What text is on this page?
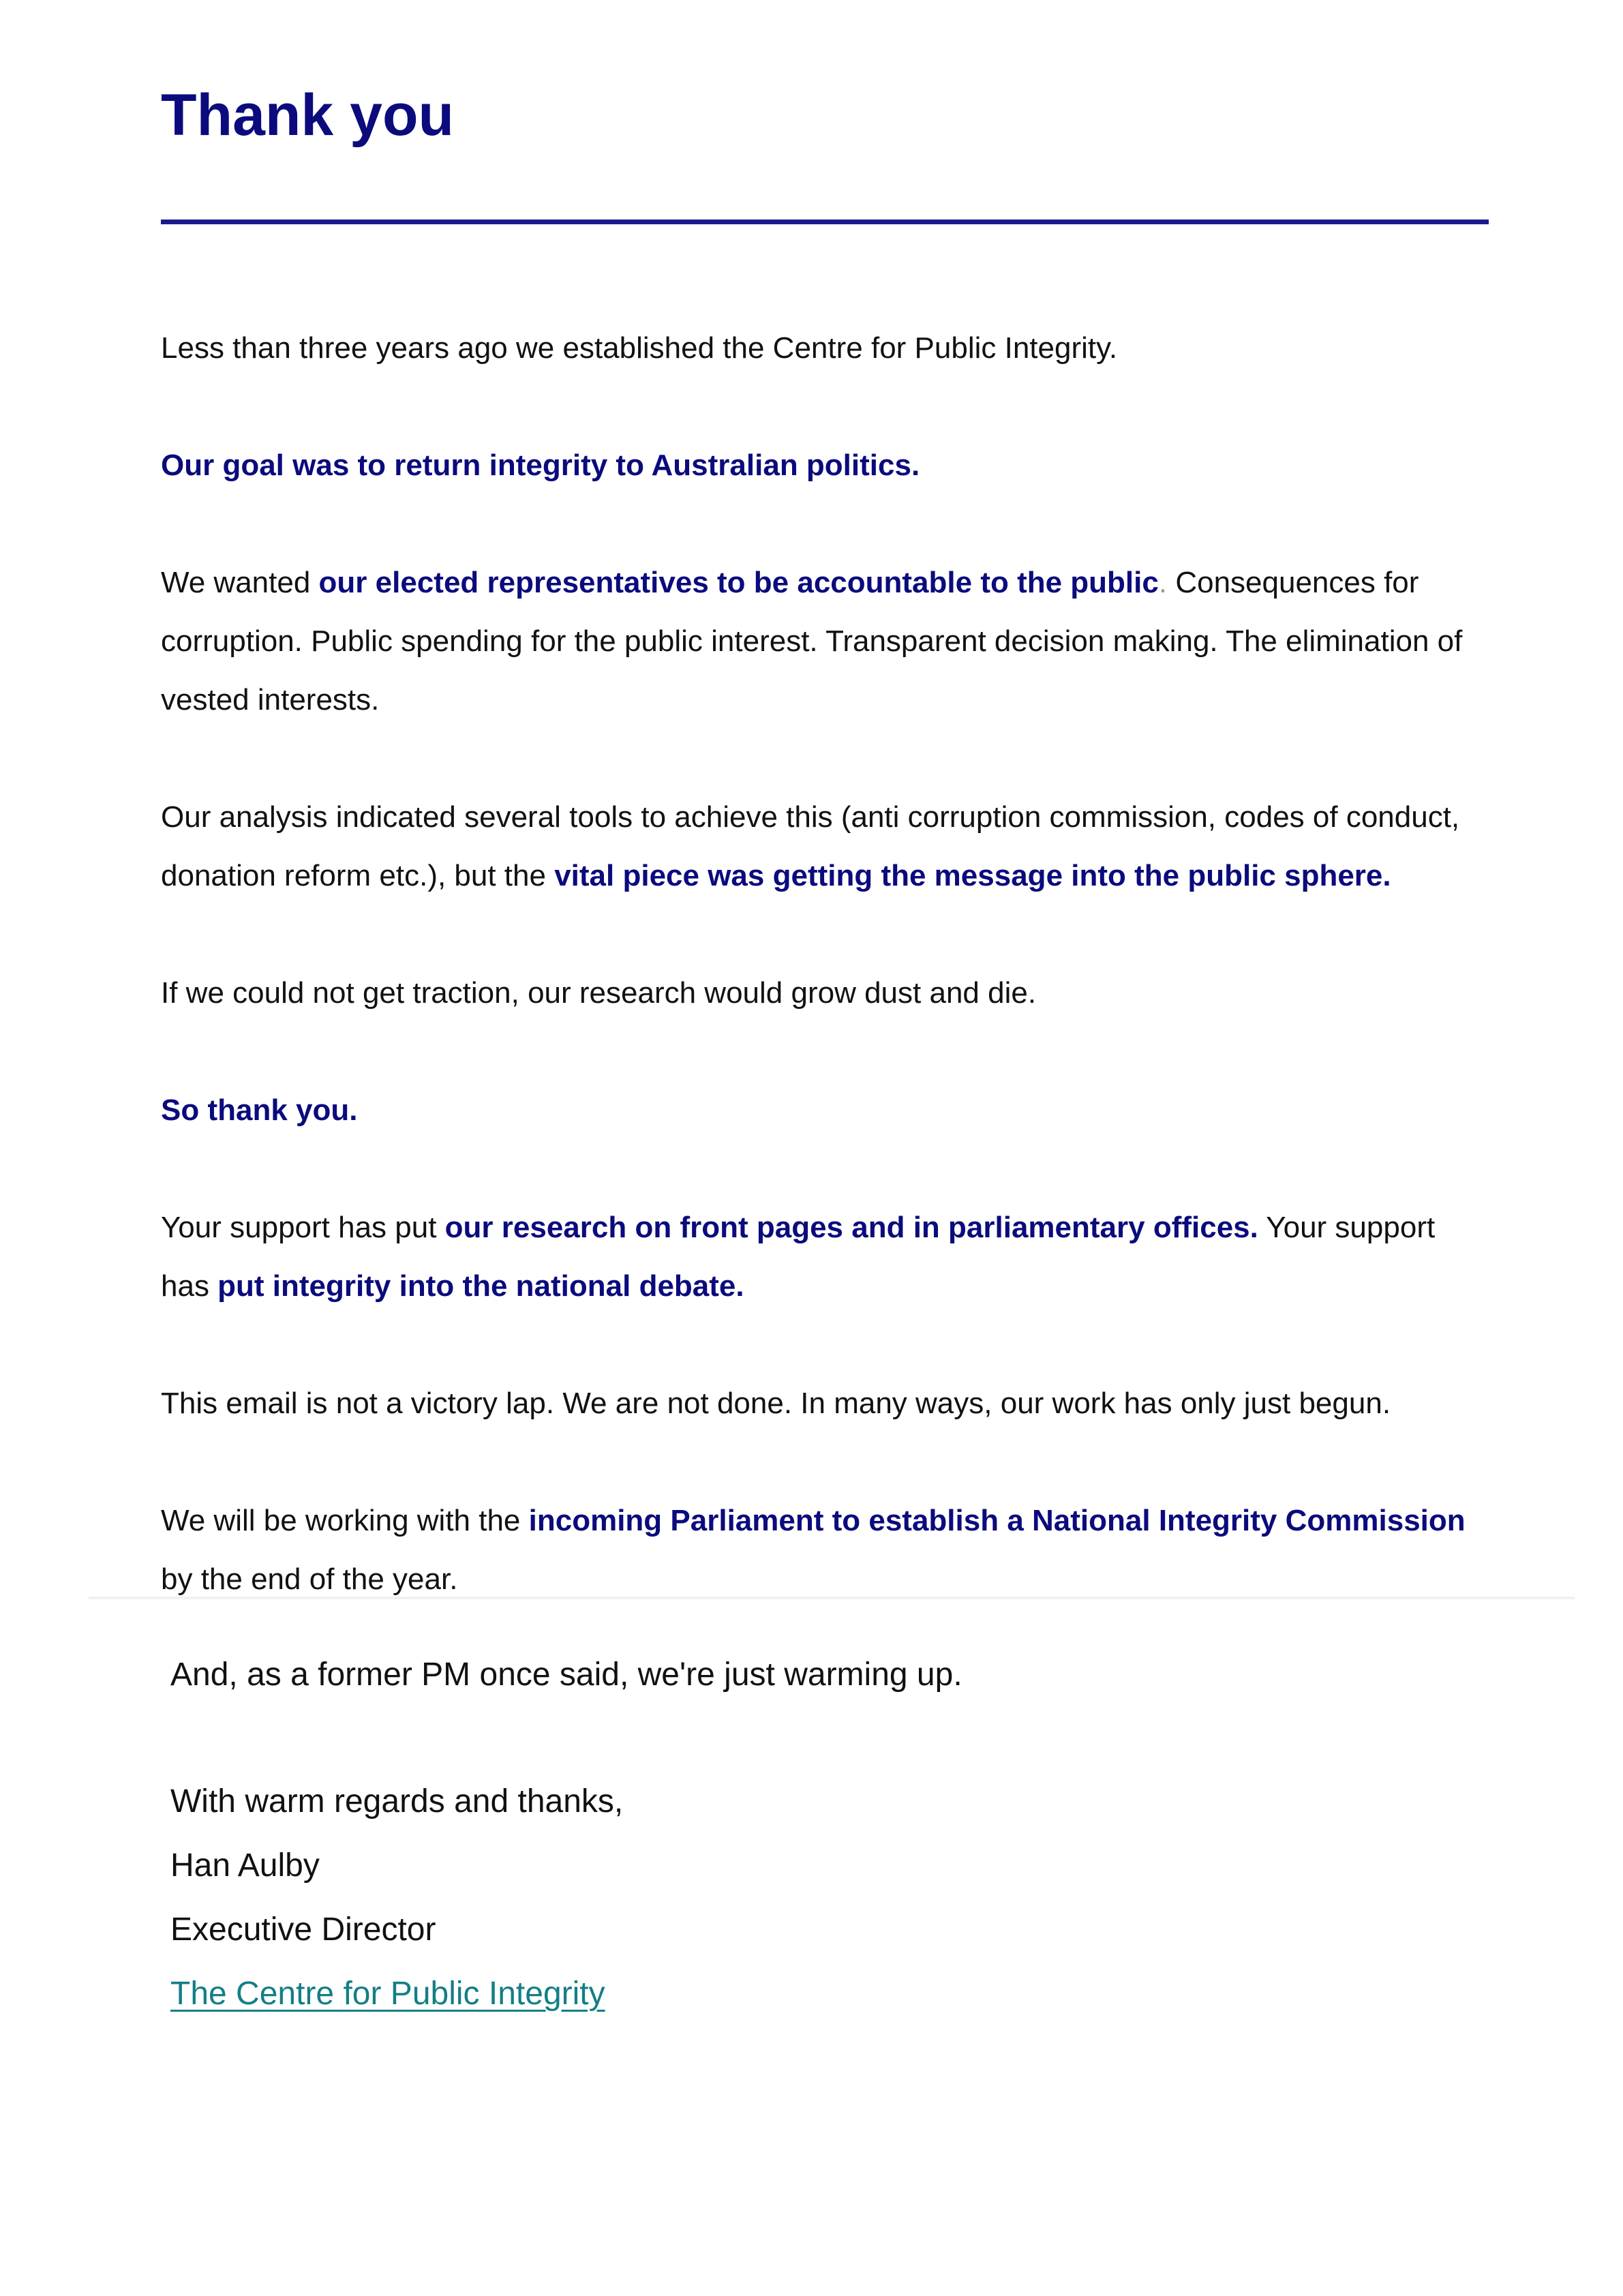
Thank you

Less than three years ago we established the Centre for Public Integrity.

Our goal was to return integrity to Australian politics.

We wanted our elected representatives to be accountable to the public. Consequences for corruption. Public spending for the public interest. Transparent decision making. The elimination of vested interests.

Our analysis indicated several tools to achieve this (anti corruption commission, codes of conduct, donation reform etc.), but the vital piece was getting the message into the public sphere.

If we could not get traction, our research would grow dust and die.

So thank you.

Your support has put our research on front pages and in parliamentary offices. Your support has put integrity into the national debate.

This email is not a victory lap. We are not done. In many ways, our work has only just begun.

We will be working with the incoming Parliament to establish a National Integrity Commission by the end of the year.

And, as a former PM once said, we're just warming up.

With warm regards and thanks,

Han Aulby

Executive Director

The Centre for Public Integrity
